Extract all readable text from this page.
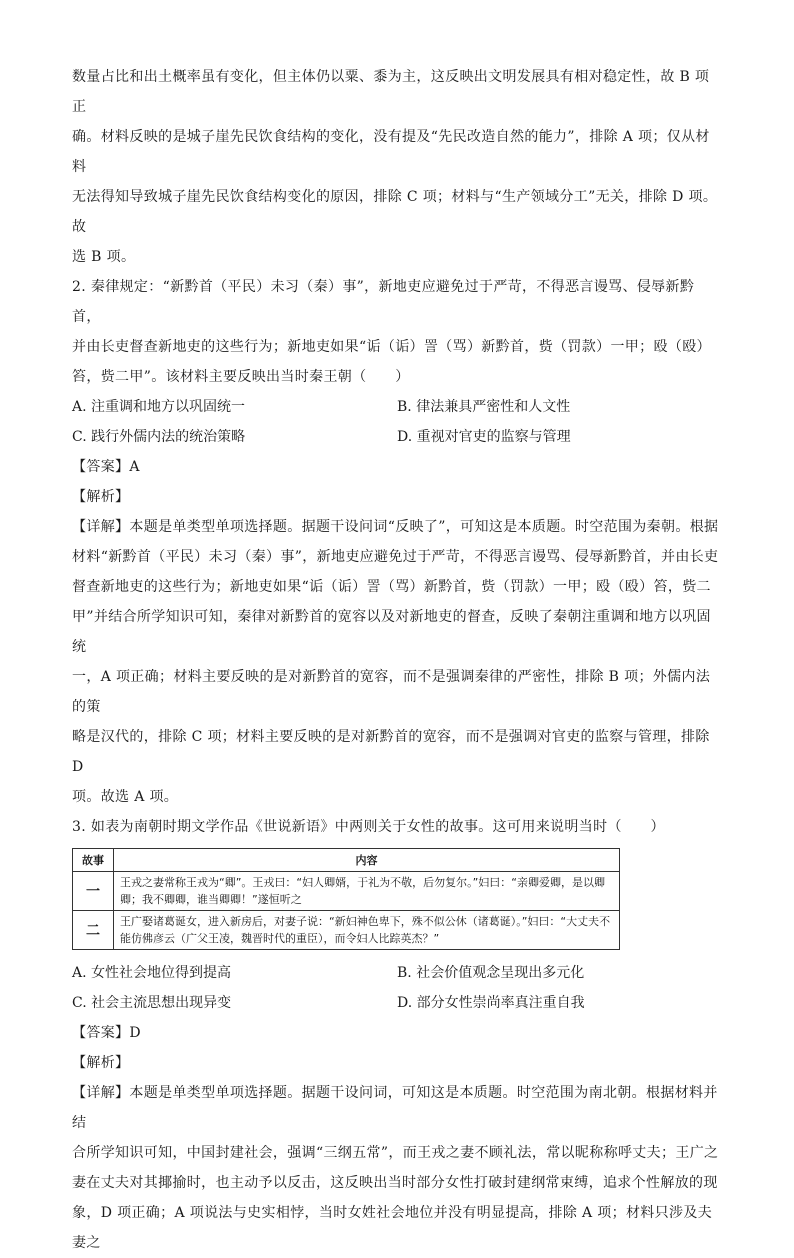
数量占比和出土概率虽有变化，但主体仍以粟、黍为主，这反映出文明发展具有相对稳定性，故 B 项正

确。材料反映的是城子崖先民饮食结构的变化，没有提及“先民改造自然的能力”，排除 A 项；仅从材料

无法得知导致城子崖先民饮食结构变化的原因，排除 C 项；材料与“生产领域分工”无关，排除 D 项。故

选 B 项。

2. 秦律规定：“新黔首（平民）未习（秦）事”，新地吏应避免过于严苛，不得恶言谩骂、侵辱新黔首，

并由长吏督查新地吏的这些行为；新地吏如果“诟（诟）詈（骂）新黔首，赀（罚款）一甲；殴（殴）

笞，赀二甲”。该材料主要反映出当时秦王朝（　　）

A. 注重调和地方以巩固统一	B. 律法兼具严密性和人文性
C. 践行外儒内法的统治策略	D. 重视对官吏的监察与管理

【答案】A

【解析】

【详解】本题是单类型单项选择题。据题干设问词“反映了”，可知这是本质题。时空范围为秦朝。根据

材料“新黔首（平民）未习（秦）事”，新地吏应避免过于严苛，不得恶言谩骂、侵辱新黔首，并由长吏

督查新地吏的这些行为；新地吏如果“诟（诟）詈（骂）新黔首，赀（罚款）一甲；殴（殴）笞，赀二

甲”并结合所学知识可知，秦律对新黔首的宽容以及对新地吏的督查，反映了秦朝注重调和地方以巩固统

一，A 项正确；材料主要反映的是对新黔首的宽容，而不是强调秦律的严密性，排除 B 项；外儒内法的策

略是汉代的，排除 C 项；材料主要反映的是对新黔首的宽容，而不是强调对官吏的监察与管理，排除 D

项。故选 A 项。

3. 如表为南朝时期文学作品《世说新语》中两则关于女性的故事。这可用来说明当时（　　）

故事	内容
一	王戎之妻常称王戎为“卿”。王戎曰：“妇人卿婿，于礼为不敬，后勿复尔。”妇曰：“亲卿爱卿，是以卿卿；我不卿卿，谁当卿卿！”遂恒听之
二	王广娶诸葛诞女，进入新房后，对妻子说：“新妇神色卑下，殊不似公休（诸葛诞）。”妇曰：“大丈夫不能仿佛彦云（广父王凌，魏晋时代的重臣），而令妇人比踪英杰？”
A. 女性社会地位得到提高	B. 社会价值观念呈现出多元化
C. 社会主流思想出现异变	D. 部分女性崇尚率真注重自我

【答案】D

【解析】

【详解】本题是单类型单项选择题。据题干设问词，可知这是本质题。时空范围为南北朝。根据材料并结

合所学知识可知，中国封建社会，强调“三纲五常”，而王戎之妻不顾礼法，常以昵称称呼丈夫；王广之

妻在丈夫对其揶揄时，也主动予以反击，这反映出当时部分女性打破封建纲常束缚，追求个性解放的现

象，D 项正确；A 项说法与史实相悖，当时女姓社会地位并没有明显提高，排除 A 项；材料只涉及夫妻之
